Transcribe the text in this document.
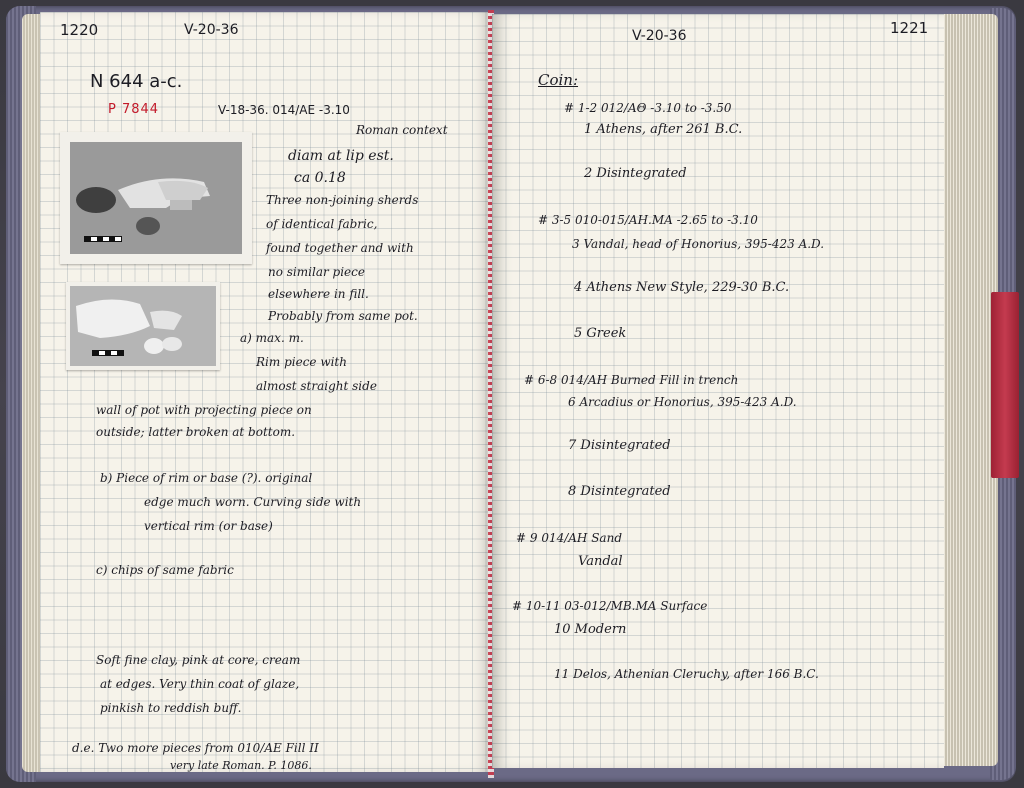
1220	V-20-36
N 644 a-c.
P 7844	V-18-36. 014/AE -3.10
Roman context
diam at lip est.
ca 0.18
Three non-joining sherds
of identical fabric,
found together and with
no similar piece
elsewhere in fill.
Probably from same pot.
a) max. m.
Rim piece with
almost straight side
wall of pot with projecting piece on
outside; latter broken at bottom.
b) Piece of rim or base (?). original
edge much worn. Curving side with
vertical rim (or base)
c) chips of same fabric
Soft fine clay, pink at core, cream
at edges. Very thin coat of glaze,
pinkish to reddish buff.
d.e. Two more pieces from 010/AE Fill II
very late Roman. P. 1086.
V-20-36	1221
Coin:
# 1-2 012/AΘ -3.10 to -3.50
1 Athens, after 261 B.C.
2 Disintegrated
# 3-5 010-015/AH.MA -2.65 to -3.10
3 Vandal, head of Honorius, 395-423 A.D.
4 Athens New Style, 229-30 B.C.
5 Greek
# 6-8 014/AH Burned Fill in trench
6 Arcadius or Honorius, 395-423 A.D.
7 Disintegrated
8 Disintegrated
# 9 014/AH Sand
Vandal
# 10-11 03-012/MB.MA Surface
10 Modern
11 Delos, Athenian Cleruchy, after 166 B.C.
